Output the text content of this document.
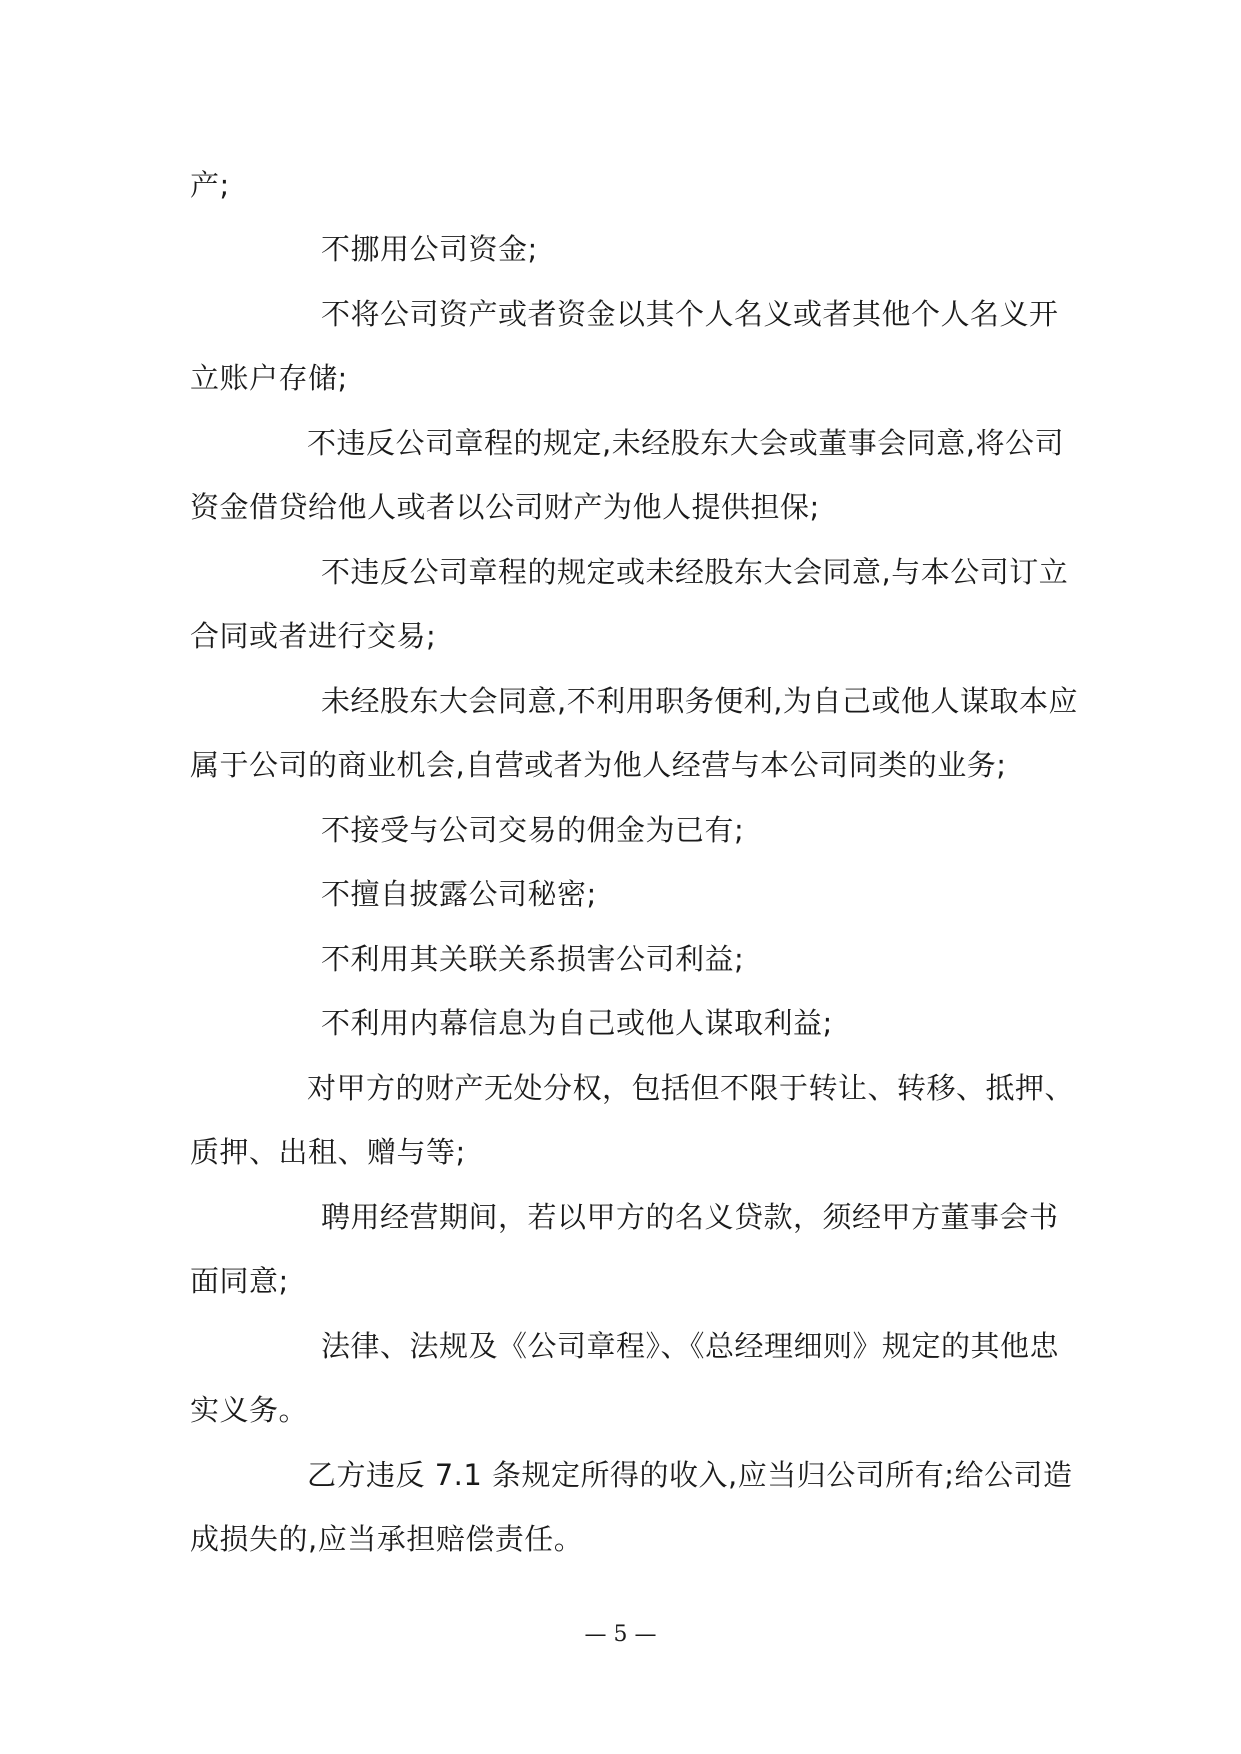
产;
不挪用公司资金;
不将公司资产或者资金以其个人名义或者其他个人名义开
立账户存储;
不违反公司章程的规定,未经股东大会或董事会同意,将公司
资金借贷给他人或者以公司财产为他人提供担保;
不违反公司章程的规定或未经股东大会同意,与本公司订立
合同或者进行交易;
未经股东大会同意,不利用职务便利,为自己或他人谋取本应
属于公司的商业机会,自营或者为他人经营与本公司同类的业务;
不接受与公司交易的佣金为已有;
不擅自披露公司秘密;
不利用其关联关系损害公司利益;
不利用内幕信息为自己或他人谋取利益;
对甲方的财产无处分权，包括但不限于转让、转移、抵押、
质押、出租、赠与等;
聘用经营期间，若以甲方的名义贷款，须经甲方董事会书
面同意;
法律、法规及《公司章程》、《总经理细则》规定的其他忠
实义务。
乙方违反 7.1 条规定所得的收入,应当归公司所有;给公司造
成损失的,应当承担赔偿责任。
— 5 —
